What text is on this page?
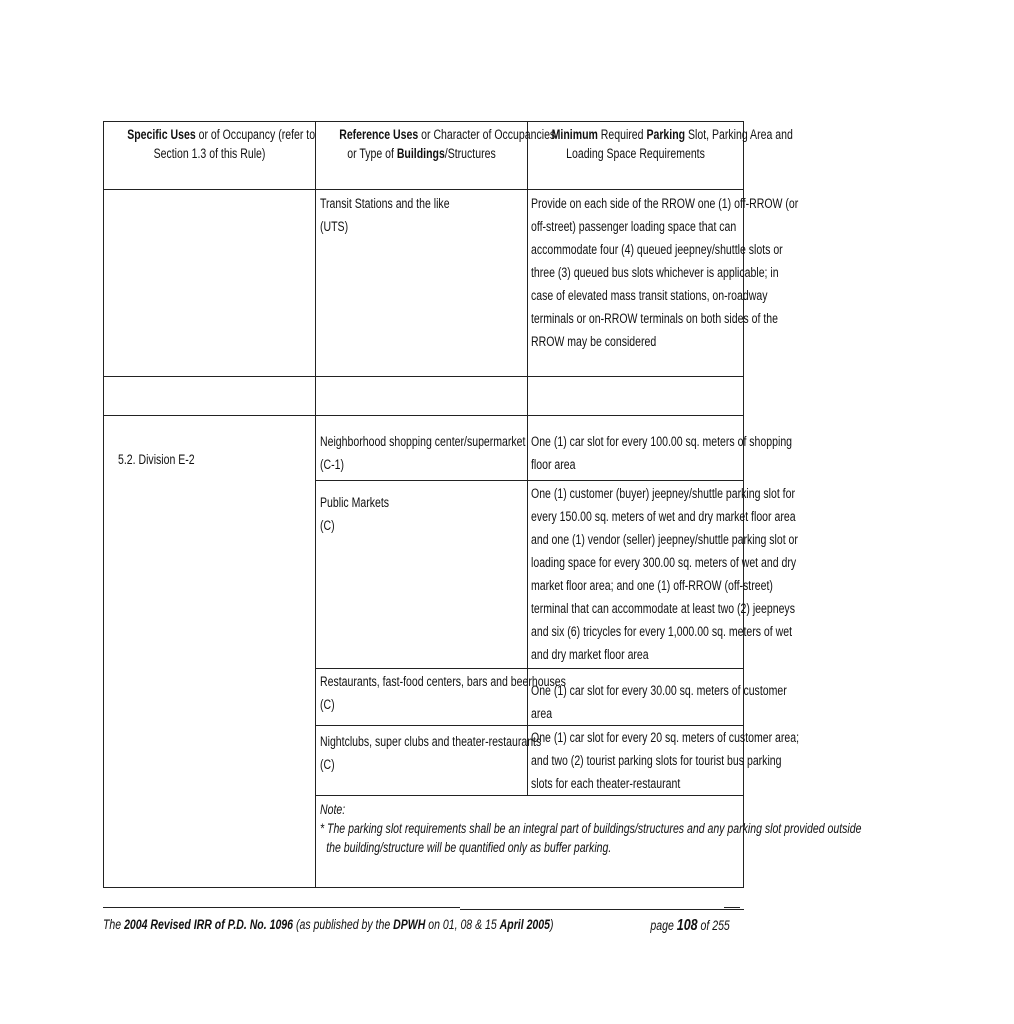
Specific Uses or of Occupancy (refer to
Section 1.3 of this Rule)
Reference Uses or Character of Occupancies
or Type of Buildings/Structures
Minimum Required Parking Slot, Parking Area and
Loading Space Requirements
5.2. Division E-2
Transit Stations and the like
(UTS)
Provide on each side of the RROW one (1) off-RROW (or
off-street) passenger loading space that can
accommodate four (4) queued jeepney/shuttle slots or
three (3) queued bus slots whichever is applicable; in
case of elevated mass transit stations, on-roadway
terminals or on-RROW terminals on both sides of the
RROW may be considered
Neighborhood shopping center/supermarket
(C-1)
One (1) car slot for every 100.00 sq. meters of shopping
floor area
Public Markets
(C)
One (1) customer (buyer) jeepney/shuttle parking slot for
every 150.00 sq. meters of wet and dry market floor area
and one (1) vendor (seller) jeepney/shuttle parking slot or
loading space for every 300.00 sq. meters of wet and dry
market floor area; and one (1) off-RROW (off-street)
terminal that can accommodate at least two (2) jeepneys
and six (6) tricycles for every 1,000.00 sq. meters of wet
and dry market floor area
Restaurants, fast-food centers, bars and beerhouses
(C)
One (1) car slot for every 30.00 sq. meters of customer
area
Nightclubs, super clubs and theater-restaurants
(C)
One (1) car slot for every 20 sq. meters of customer area;
and two (2) tourist parking slots for tourist bus parking
slots for each theater-restaurant
Note:
* The parking slot requirements shall be an integral part of buildings/structures and any parking slot provided outside
the building/structure will be quantified only as buffer parking.
The 2004 Revised IRR of P.D. No. 1096 (as published by the DPWH on 01, 08 & 15 April 2005)	page 108 of 255
